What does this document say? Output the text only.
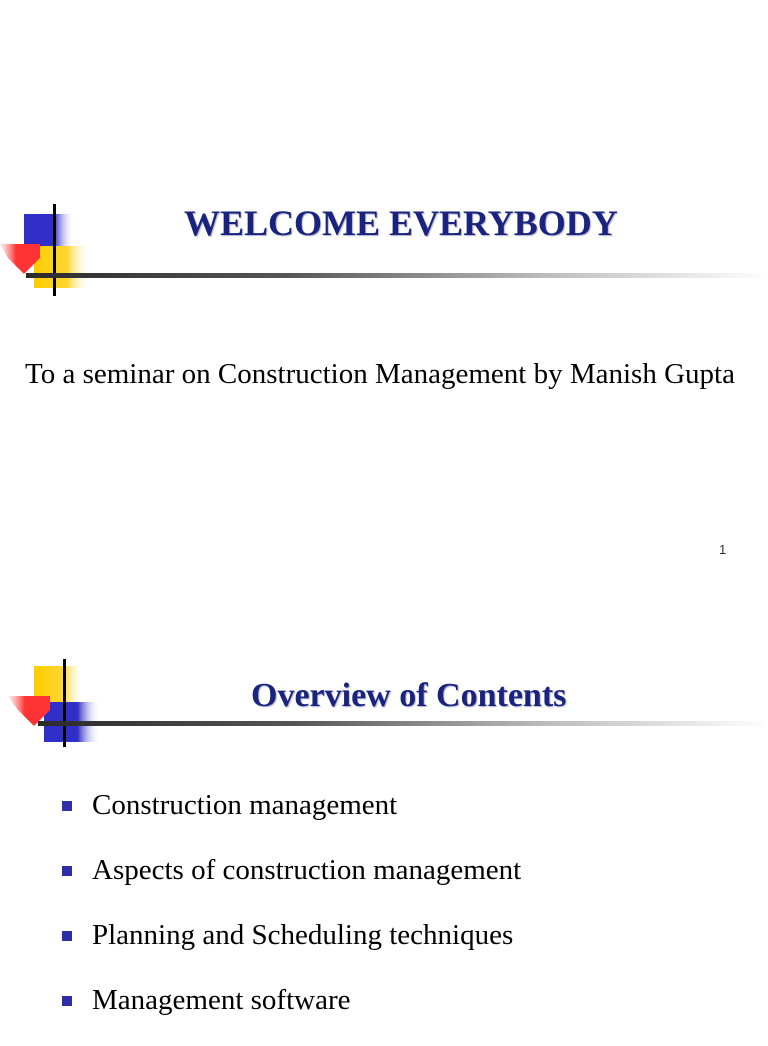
WELCOME EVERYBODY
To a seminar on Construction Management by Manish Gupta
1
Overview of Contents
Construction management
Aspects of construction management
Planning and Scheduling techniques
Management software
